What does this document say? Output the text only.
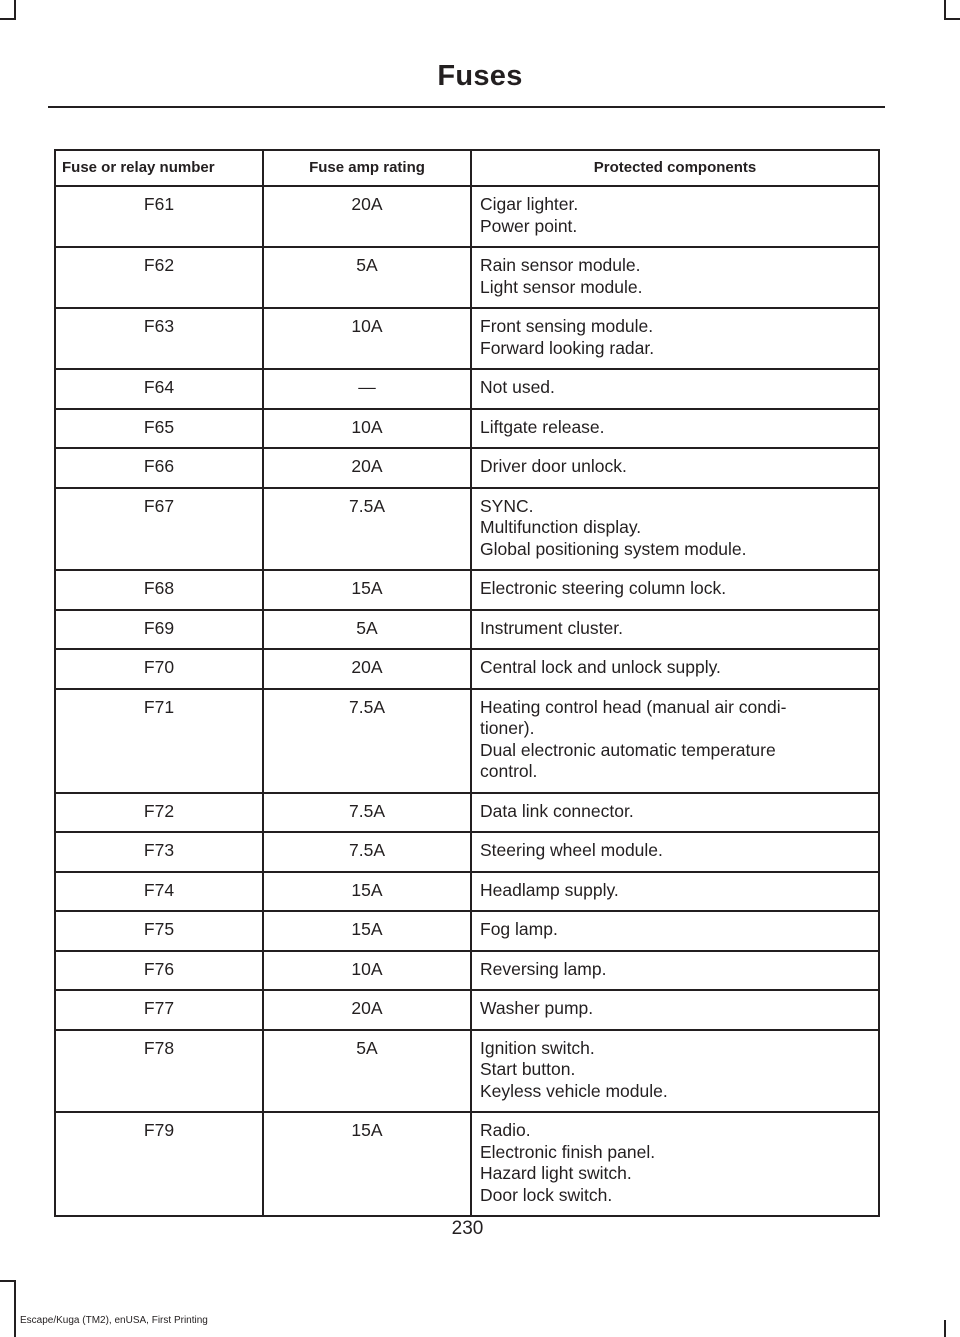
Fuses
Fuse or relay number	Fuse amp rating	Protected components
F61	20A	Cigar lighter.
Power point.

F62	5A	Rain sensor module.
Light sensor module.

F63	10A	Front sensing module.
Forward looking radar.

F64	—	Not used.

F65	10A	Liftgate release.

F66	20A	Driver door unlock.

F67	7.5A	SYNC.
Multifunction display.
Global positioning system module.

F68	15A	Electronic steering column lock.

F69	5A	Instrument cluster.

F70	20A	Central lock and unlock supply.

F71	7.5A	Heating control head (manual air condi-
tioner).
Dual electronic automatic temperature
control.

F72	7.5A	Data link connector.

F73	7.5A	Steering wheel module.

F74	15A	Headlamp supply.

F75	15A	Fog lamp.

F76	10A	Reversing lamp.

F77	20A	Washer pump.

F78	5A	Ignition switch.
Start button.
Keyless vehicle module.

F79	15A	Radio.
Electronic finish panel.
Hazard light switch.
Door lock switch.
230
Escape/Kuga (TM2), enUSA, First Printing
